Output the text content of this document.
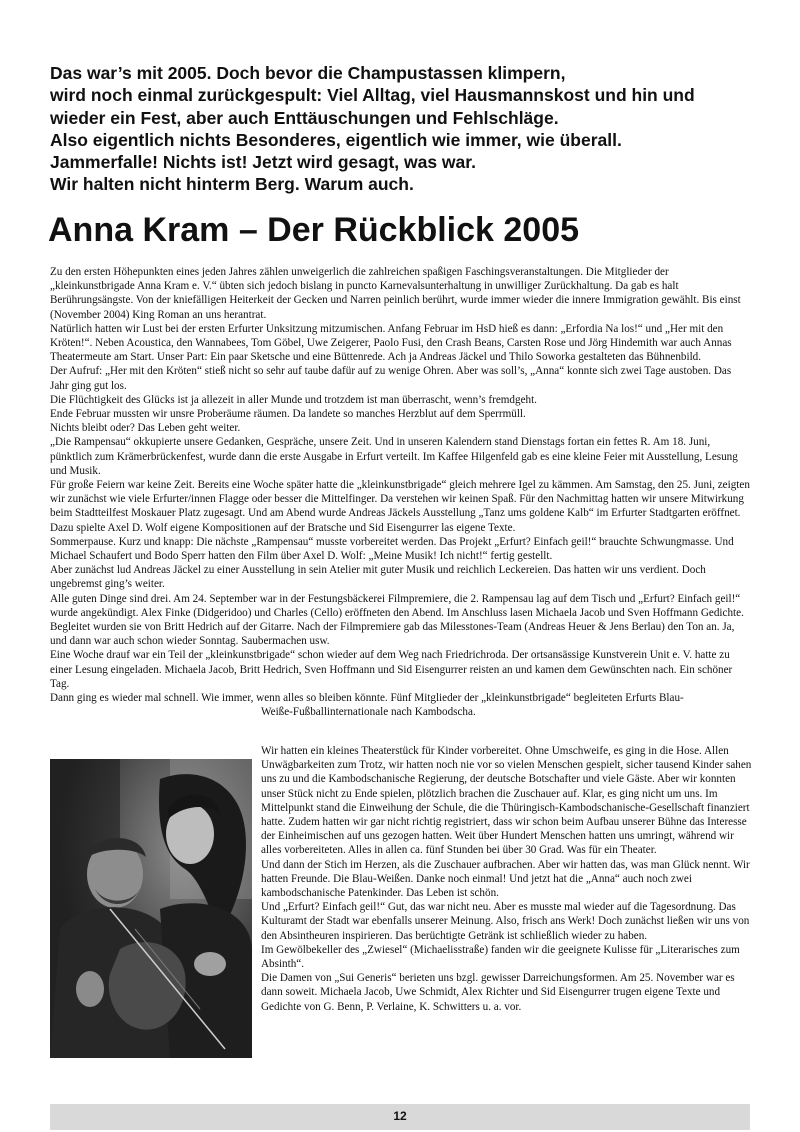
Das war’s mit 2005. Doch bevor die Champustassen klimpern,
wird noch einmal zurückgespult: Viel Alltag, viel Hausmannskost und hin und
wieder ein Fest, aber auch Enttäuschungen und Fehlschläge.
Also eigentlich nichts Besonderes, eigentlich wie immer, wie überall.
Jammerfalle! Nichts ist! Jetzt wird gesagt, was war.
Wir halten nicht hinterm Berg. Warum auch.
Anna Kram – Der Rückblick 2005

Zu den ersten Höhepunkten eines jeden Jahres zählen unweigerlich die zahlreichen spaßigen Faschingsveranstaltungen. Die Mitglieder der „kleinkunstbrigade Anna Kram e. V.“ übten sich jedoch bislang in puncto Karnevalsunterhaltung in unwilliger Zurückhaltung. Da gab es halt Berührungsängste. Von der kniefälligen Heiterkeit der Gecken und Narren peinlich berührt, wurde immer wieder die innere Immigration gewählt. Bis einst (November 2004) King Roman an uns herantrat.

Natürlich hatten wir Lust bei der ersten Erfurter Unksitzung mitzumischen. Anfang Februar im HsD hieß es dann: „Erfordia Na los!“ und „Her mit den Kröten!“. Neben Acoustica, den Wannabees, Tom Göbel, Uwe Zeigerer, Paolo Fusi, den Crash Beans, Carsten Rose und Jörg Hindemith war auch Annas Theatermeute am Start. Unser Part: Ein paar Sketsche und eine Büttenrede. Ach ja Andreas Jäckel und Thilo Soworka gestalteten das Bühnenbild.

Der Aufruf: „Her mit den Kröten“ stieß nicht so sehr auf taube dafür auf zu wenige Ohren. Aber was soll’s, „Anna“ konnte sich zwei Tage austoben. Das Jahr ging gut los.

Die Flüchtigkeit des Glücks ist ja allezeit in aller Munde und trotzdem ist man überrascht, wenn’s fremdgeht.

Ende Februar mussten wir unsre Proberäume räumen. Da landete so manches Herzblut auf dem Sperrmüll.

Nichts bleibt oder? Das Leben geht weiter.

„Die Rampensau“ okkupierte unsere Gedanken, Gespräche, unsere Zeit. Und in unseren Kalendern stand Dienstags fortan ein fettes R. Am 18. Juni, pünktlich zum Krämerbrückenfest, wurde dann die erste Ausgabe in Erfurt verteilt. Im Kaffee Hilgenfeld gab es eine kleine Feier mit Ausstellung, Lesung und Musik.

Für große Feiern war keine Zeit. Bereits eine Woche später hatte die „kleinkunstbrigade“ gleich mehrere Igel zu kämmen. Am Samstag, den 25. Juni, zeigten wir zunächst wie viele Erfurter/innen Flagge oder besser die Mittelfinger. Da verstehen wir keinen Spaß. Für den Nachmittag hatten wir unsere Mitwirkung beim Stadtteilfest Moskauer Platz zugesagt. Und am Abend wurde Andreas Jäckels Ausstellung „Tanz ums goldene Kalb“ im Erfurter Stadtgarten eröffnet. Dazu spielte Axel D. Wolf eigene Kompositionen auf der Bratsche und Sid Eisengurrer las eigene Texte.

Sommerpause. Kurz und knapp: Die nächste „Rampensau“ musste vorbereitet werden. Das Projekt „Erfurt? Einfach geil!“ brauchte Schwungmasse. Und Michael Schaufert und Bodo Sperr hatten den Film über Axel D. Wolf: „Meine Musik! Ich nicht!“ fertig gestellt.

Aber zunächst lud Andreas Jäckel zu einer Ausstellung in sein Atelier mit guter Musik und reichlich Leckereien. Das hatten wir uns verdient. Doch ungebremst ging’s weiter.

Alle guten Dinge sind drei. Am 24. September war in der Festungsbäckerei Filmpremiere, die 2. Rampensau lag auf dem Tisch und „Erfurt? Einfach geil!“ wurde angekündigt. Alex Finke (Didgeridoo) und Charles (Cello) eröffneten den Abend. Im Anschluss lasen Michaela Jacob und Sven Hoffmann Gedichte. Begleitet wurden sie von Britt Hedrich auf der Gitarre. Nach der Filmpremiere gab das Milesstones-Team (Andreas Heuer & Jens Berlau) den Ton an. Ja, und dann war auch schon wieder Sonntag. Saubermachen usw.

Eine Woche drauf war ein Teil der „kleinkunstbrigade“ schon wieder auf dem Weg nach Friedrichroda. Der ortsansässige Kunstverein Unit e. V. hatte zu einer Lesung eingeladen. Michaela Jacob, Britt Hedrich, Sven Hoffmann und Sid Eisengurrer reisten an und kamen dem Gewünschten nach. Ein schöner Tag.

Dann ging es wieder mal schnell. Wie immer, wenn alles so bleiben könnte. Fünf Mitglieder der „kleinkunstbrigade“ begleiteten Erfurts Blau-

Weiße-Fußballinternationale nach Kambodscha.

Wir hatten ein kleines Theaterstück für Kinder vorbereitet. Ohne Umschweife, es ging in die Hose. Allen Unwägbarkeiten zum Trotz, wir hatten noch nie vor so vielen Menschen gespielt, sicher tausend Kinder sahen uns zu und die Kambodschanische Regierung, der deutsche Botschafter und viele Gäste. Aber wir konnten unser Stück nicht zu Ende spielen, plötzlich brachen die Zuschauer auf. Klar, es ging nicht um uns. Im Mittelpunkt stand die Einweihung der Schule, die die Thüringisch-Kambodschanische-Gesellschaft finanziert hatte. Zudem hatten wir gar nicht richtig registriert, dass wir schon beim Aufbau unserer Bühne das Interesse der Einheimischen auf uns gezogen hatten. Weit über Hundert Menschen hatten uns umringt, während wir alles vorbereiteten. Alles in allen ca. fünf Stunden bei über 30 Grad. Was für ein Theater.

Und dann der Stich im Herzen, als die Zuschauer aufbrachen. Aber wir hatten das, was man Glück nennt. Wir hatten Freunde. Die Blau-Weißen. Danke noch einmal! Und jetzt hat die „Anna“ auch noch zwei kambodschanische Patenkinder. Das Leben ist schön.

Und „Erfurt? Einfach geil!“ Gut, das war nicht neu. Aber es musste mal wieder auf die Tagesordnung. Das Kulturamt der Stadt war ebenfalls unserer Meinung. Also, frisch ans Werk! Doch zunächst ließen wir uns von den Absintheuren inspirieren. Das berüchtigte Getränk ist schließlich wieder zu haben.

Im Gewölbekeller des „Zwiesel“ (Michaelisstraße) fanden wir die geeignete Kulisse für „Literarisches zum Absinth“.

Die Damen von „Sui Generis“ berieten uns bzgl. gewisser Darreichungsformen. Am 25. November war es dann soweit. Michaela Jacob, Uwe Schmidt, Alex Richter und Sid Eisengurrer trugen eigene Texte und Gedichte von G. Benn, P. Verlaine, K. Schwitters u. a. vor.

12
